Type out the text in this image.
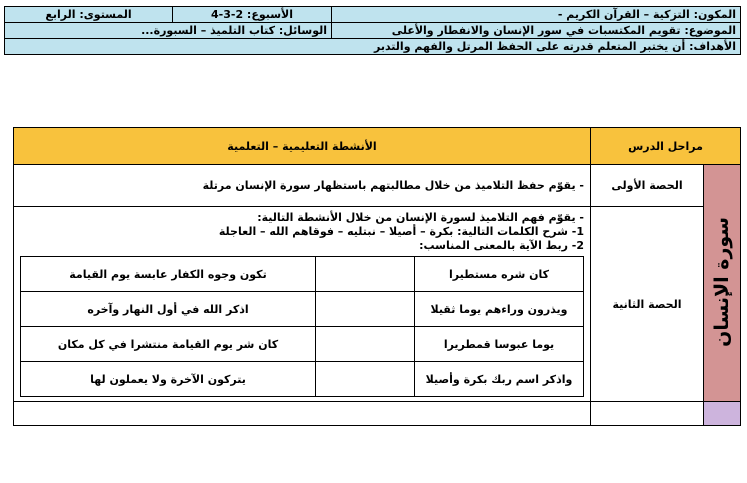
المكون: التزكية – القرآن الكريم -	الأسبوع: 2-3-4	المستوى: الرابع
الموضوع: تقويم المكتسبات في سور الإنسان والانفطار والأعلى	الوسائل: كتاب التلميذ – السبورة...	
الأهداف: أن يختبر المتعلم قدرته على الحفظ المرتل والفهم والتدبر		
مراحل الدرس	الأنشطة التعليمية – التعلمية
سورة الإنسان	الحصة الأولى	- يقوّم حفظ التلاميذ من خلال مطالبتهم باستظهار سورة الإنسان مرتلة
الحصة الثانية	

- يقوّم فهم التلاميذ لسورة الإنسان من خلال الأنشطة التالية:

1- شرح الكلمات التالية: بكرة – أصيلا – نبتليه – فوقاهم الله – العاجلة

2- ربط الآية بالمعنى المناسب:

كان شره مستطيرا		تكون وجوه الكفار عابسة يوم القيامة
ويذرون وراءهم يوما ثقيلا		اذكر الله في أول النهار وآخره
يوما عبوسا قمطريرا		كان شر يوم القيامة منتشرا في كل مكان
واذكر اسم ربك بكرة وأصيلا		يتركون الآخرة ولا يعملون لها
